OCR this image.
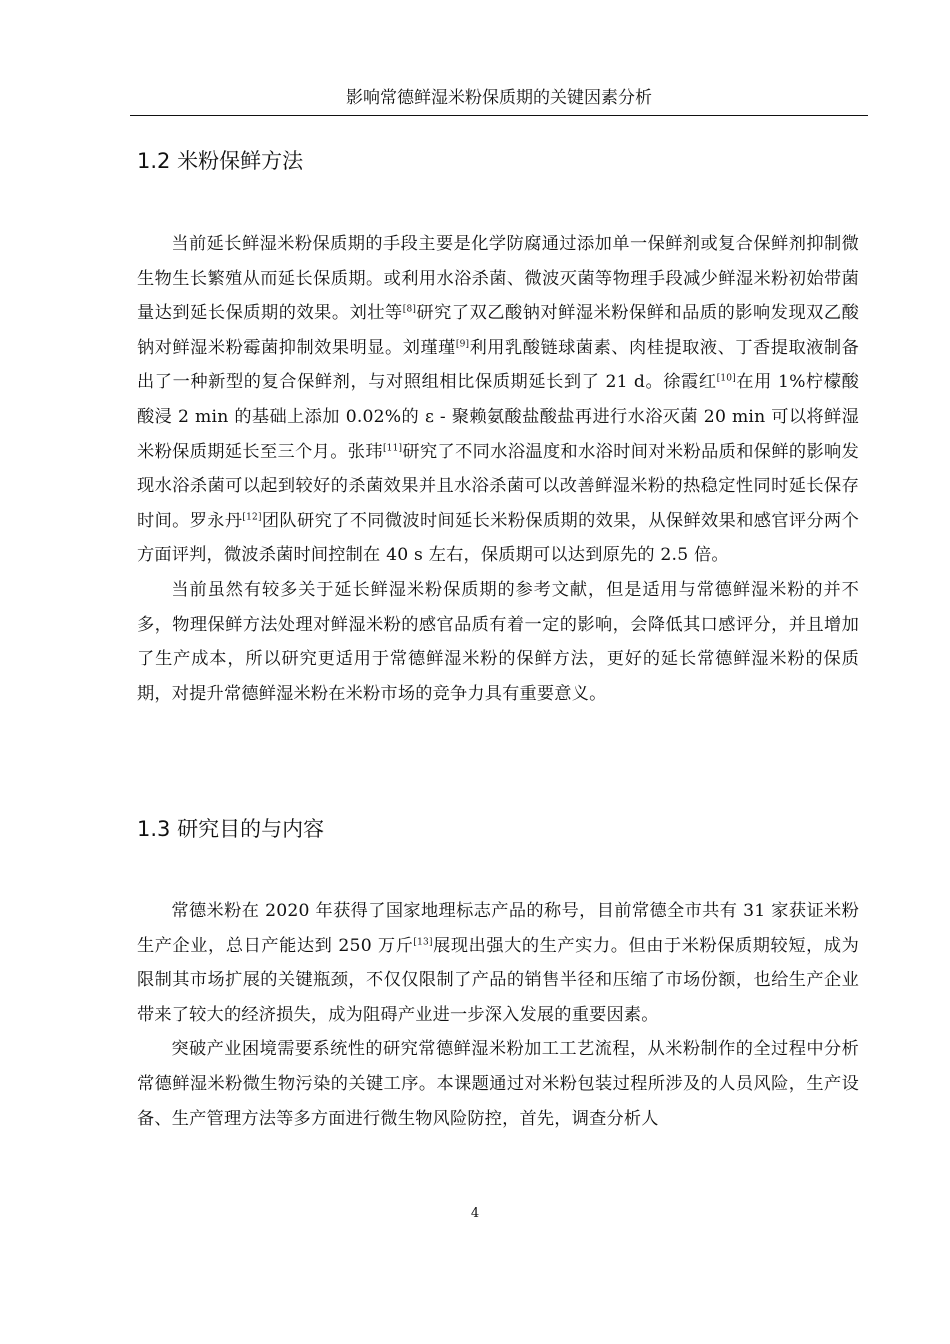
影响常德鲜湿米粉保质期的关键因素分析
1.2 米粉保鲜方法

当前延长鲜湿米粉保质期的手段主要是化学防腐通过添加单一保鲜剂或复合保鲜剂抑制微生物生长繁殖从而延长保质期。或利用水浴杀菌、微波灭菌等物理手段减少鲜湿米粉初始带菌量达到延长保质期的效果。刘壮等[8]研究了双乙酸钠对鲜湿米粉保鲜和品质的影响发现双乙酸钠对鲜湿米粉霉菌抑制效果明显。刘瑾瑾[9]利用乳酸链球菌素、肉桂提取液、丁香提取液制备出了一种新型的复合保鲜剂，与对照组相比保质期延长到了 21 d。徐霞红[10]在用 1%柠檬酸酸浸 2 min 的基础上添加 0.02%的 ε - 聚赖氨酸盐酸盐再进行水浴灭菌 20 min 可以将鲜湿米粉保质期延长至三个月。张玮[11]研究了不同水浴温度和水浴时间对米粉品质和保鲜的影响发现水浴杀菌可以起到较好的杀菌效果并且水浴杀菌可以改善鲜湿米粉的热稳定性同时延长保存时间。罗永丹[12]团队研究了不同微波时间延长米粉保质期的效果，从保鲜效果和感官评分两个方面评判，微波杀菌时间控制在 40 s 左右，保质期可以达到原先的 2.5 倍。

当前虽然有较多关于延长鲜湿米粉保质期的参考文献，但是适用与常德鲜湿米粉的并不多，物理保鲜方法处理对鲜湿米粉的感官品质有着一定的影响，会降低其口感评分，并且增加了生产成本，所以研究更适用于常德鲜湿米粉的保鲜方法，更好的延长常德鲜湿米粉的保质期，对提升常德鲜湿米粉在米粉市场的竞争力具有重要意义。

1.3 研究目的与内容

常德米粉在 2020 年获得了国家地理标志产品的称号，目前常德全市共有 31 家获证米粉生产企业，总日产能达到 250 万斤[13]展现出强大的生产实力。但由于米粉保质期较短，成为限制其市场扩展的关键瓶颈，不仅仅限制了产品的销售半径和压缩了市场份额，也给生产企业带来了较大的经济损失，成为阻碍产业进一步深入发展的重要因素。

突破产业困境需要系统性的研究常德鲜湿米粉加工工艺流程，从米粉制作的全过程中分析常德鲜湿米粉微生物污染的关键工序。本课题通过对米粉包装过程所涉及的人员风险，生产设备、生产管理方法等多方面进行微生物风险防控，首先，调查分析人

4
